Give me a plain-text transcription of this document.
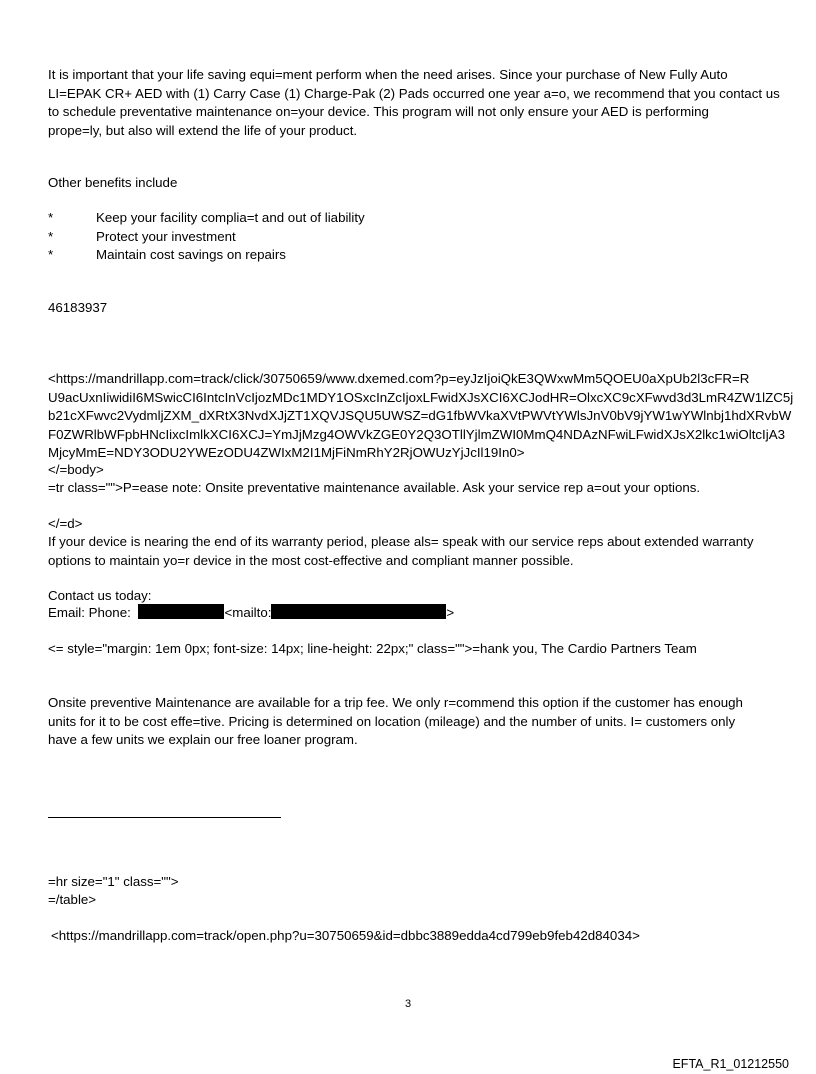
It is important that your life saving equi=ment perform when the need arises. Since your purchase of New Fully Auto
LI=EPAK CR+ AED with (1) Carry Case (1) Charge-Pak (2) Pads occurred one year a=o, we recommend that you contact us
to schedule preventative maintenance on=your device. This program will not only ensure your AED is performing
prope=ly, but also will extend the life of your product.
Other benefits include
*	Keep your facility complia=t and out of liability
*	Protect your investment
*	Maintain cost savings on repairs
46183937
<https://mandrillapp.com=track/click/30750659/www.dxemed.com?p=eyJzIjoiQkE3QWxwMm5QOEU0aXpUb2l3cFR=R
U9acUxnIiwidiI6MSwicCI6IntcInVcIjozMDc1MDY1OSxcInZcIjoxLFwidXJsXCI6XCJodHR=OlxcXC9cXFwvd3d3LmR4ZW1lZC5j
b21cXFwvc2VydmljZXM_dXRtX3NvdXJjZT1XQVJSQU5UWSZ=dG1fbWVkaXVtPWVtYWlsJnV0bV9jYW1wYWlnbj1hdXRvbW
F0ZWRlbWFpbHNcIixcImlkXCI6XCJ=YmJjMzg4OWVkZGE0Y2Q3OTllYjlmZWI0MmQ4NDAzNFwiLFwidXJsX2lkc1wiOltcIjA3
MjcyMmE=NDY3ODU2YWEzODU4ZWIxM2I1MjFiNmRhY2RjOWUzYjJcIl19In0>
</=body>
=tr class="">P=ease note: Onsite preventative maintenance available. Ask your service rep a=out your options.
</=d>
If your device is nearing the end of its warranty period, please als= speak with our service reps about extended warranty
options to maintain yo=r device in the most cost-effective and compliant manner possible.
Contact us today:
Email: Phone:	<mailto:	>
<= style="margin: 1em 0px; font-size: 14px; line-height: 22px;" class="">=hank you, The Cardio Partners Team
Onsite preventive Maintenance are available for a trip fee. We only r=commend this option if the customer has enough
units for it to be cost effe=tive. Pricing is determined on location (mileage) and the number of units. I= customers only
have a few units we explain our free loaner program.
=hr size="1" class="">
=/table>
<https://mandrillapp.com=track/open.php?u=30750659&id=dbbc3889edda4cd799eb9feb42d84034>
3
EFTA_R1_01212550
